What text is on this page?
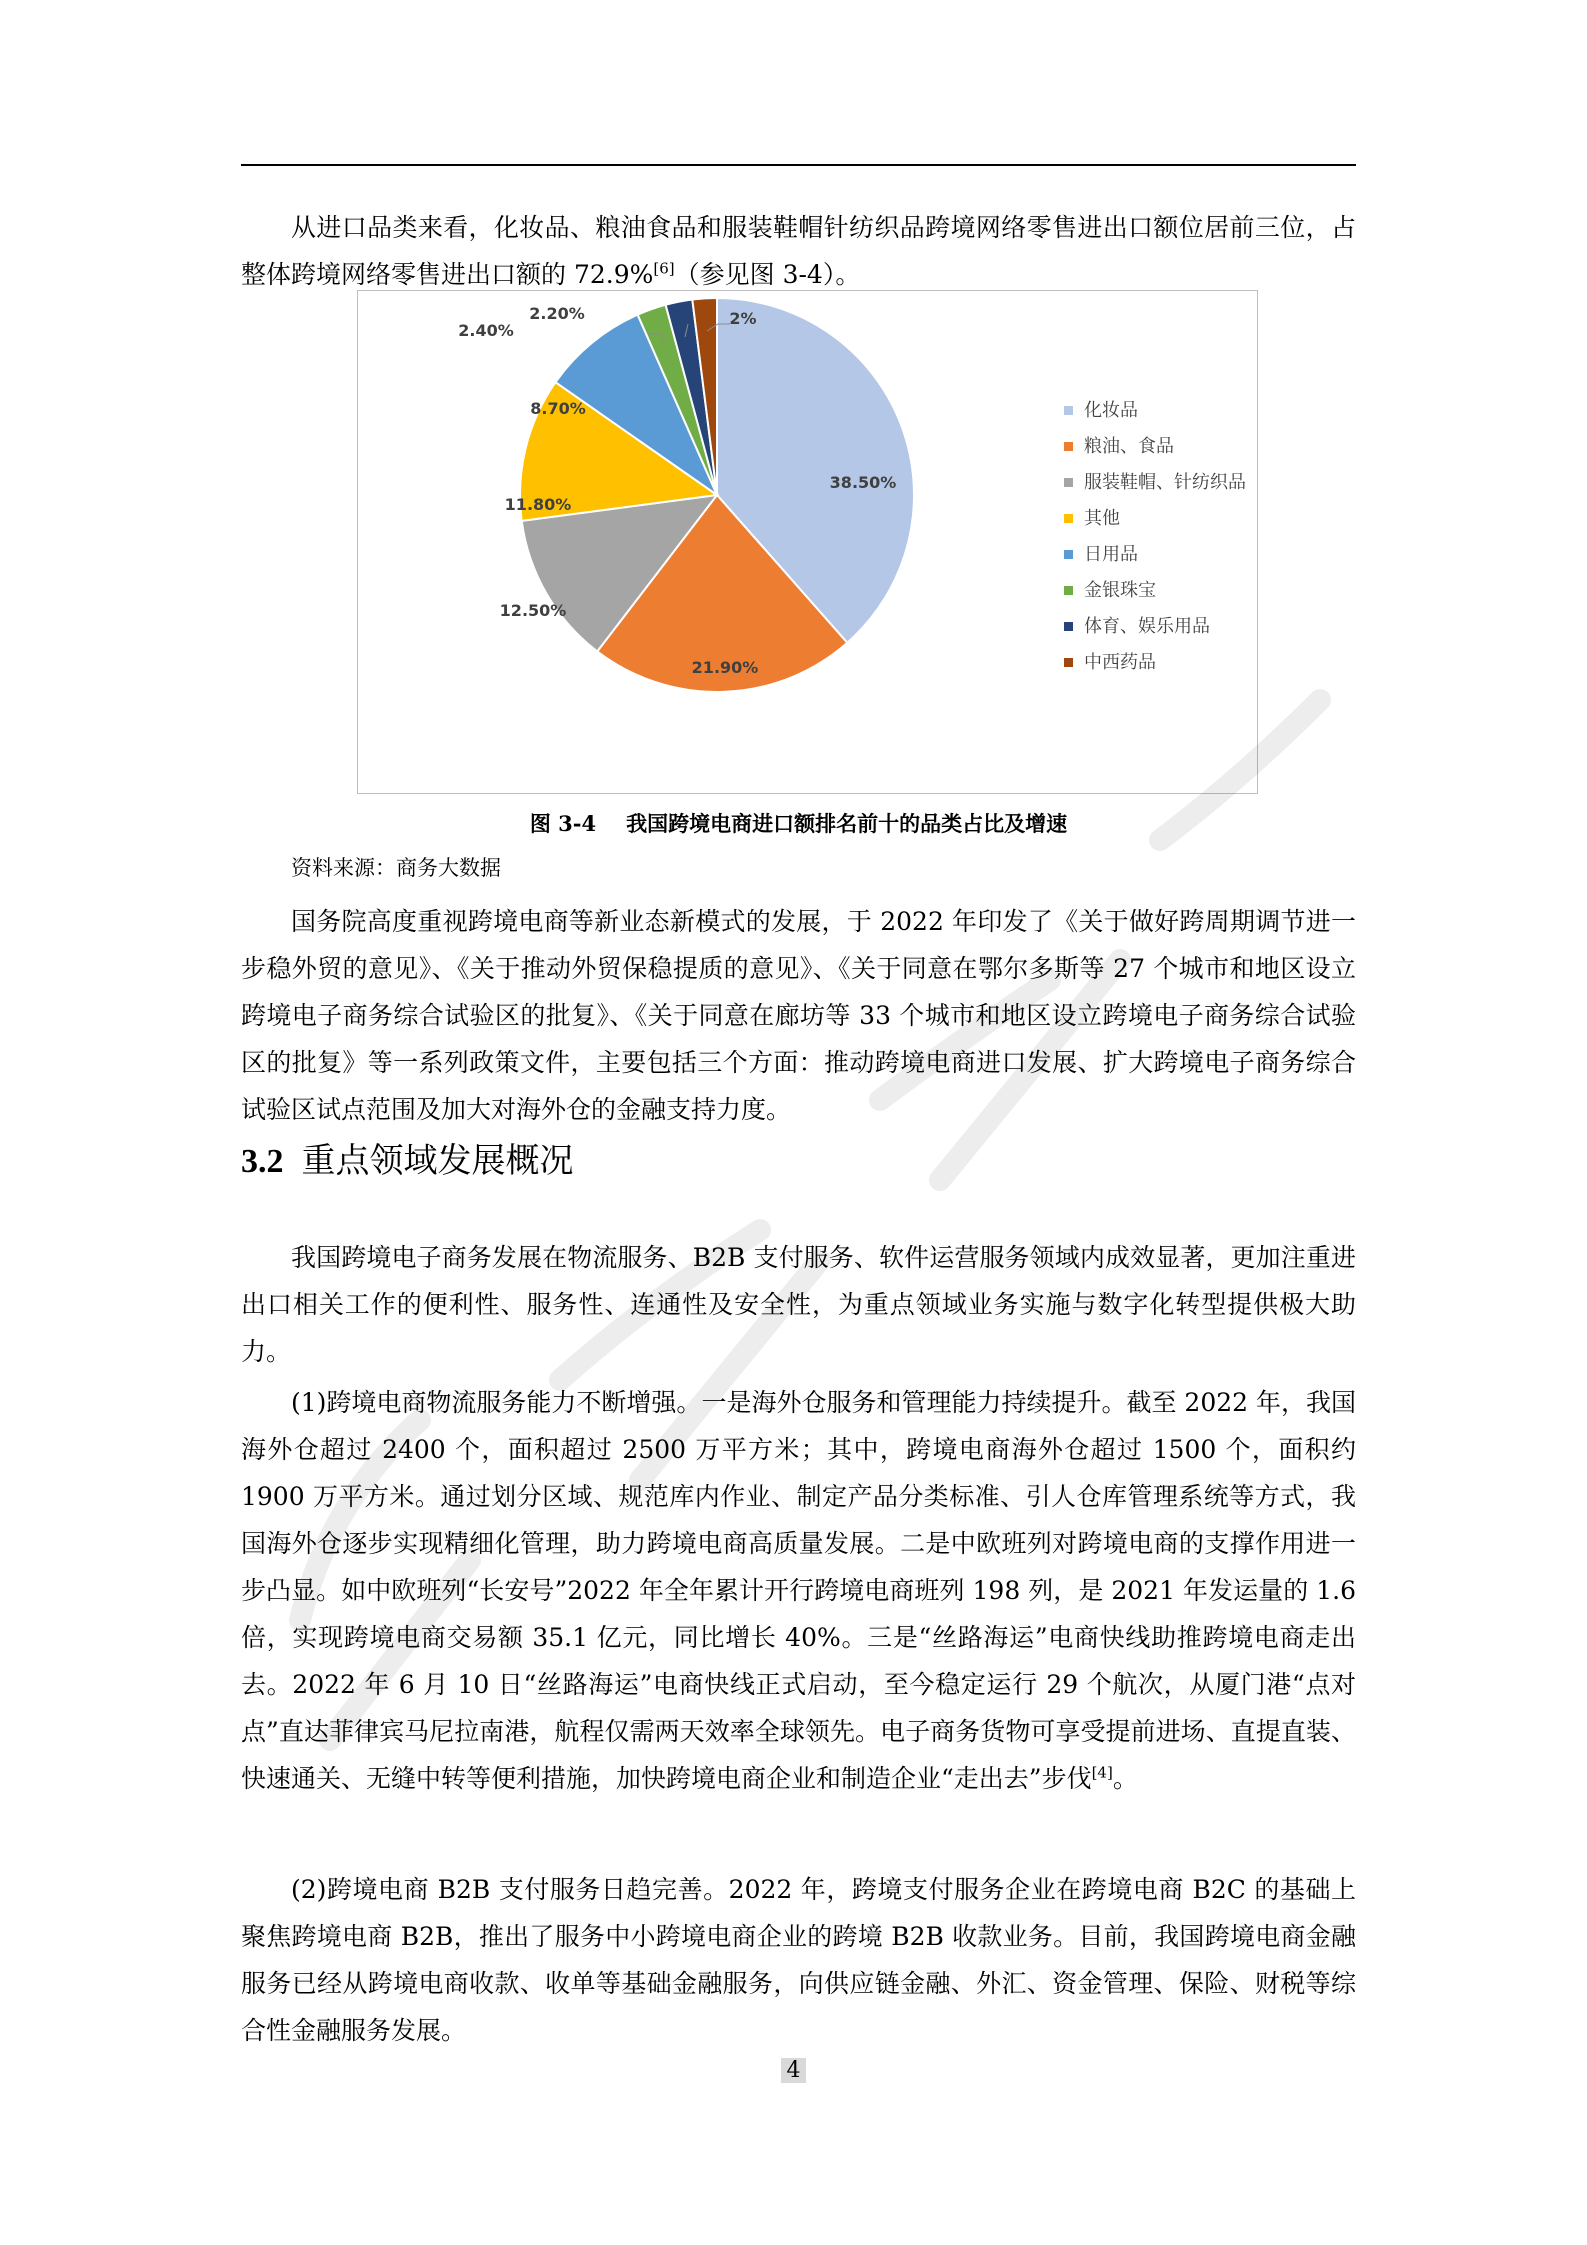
从进口品类来看，化妆品、粮油食品和服装鞋帽针纺织品跨境网络零售进出口额位居前三位，占整体跨境网络零售进出口额的 72.9%[6]（参见图 3-4）。

38.50%
21.90%
12.50%
11.80%
8.70%
2.40%
2.20%	2%
化妆品
粮油、食品
服装鞋帽、针纺织品
其他
日用品
金银珠宝
体育、娱乐用品
中西药品

图 3-4 我国跨境电商进口额排名前十的品类占比及增速

资料来源：商务大数据

国务院高度重视跨境电商等新业态新模式的发展，于 2022 年印发了《关于做好跨周期调节进一步稳外贸的意见》、《关于推动外贸保稳提质的意见》、《关于同意在鄂尔多斯等 27 个城市和地区设立跨境电子商务综合试验区的批复》、《关于同意在廊坊等 33 个城市和地区设立跨境电子商务综合试验区的批复》等一系列政策文件，主要包括三个方面：推动跨境电商进口发展、扩大跨境电子商务综合试验区试点范围及加大对海外仓的金融支持力度。

3.2 重点领域发展概况

我国跨境电子商务发展在物流服务、B2B 支付服务、软件运营服务领域内成效显著，更加注重进出口相关工作的便利性、服务性、连通性及安全性，为重点领域业务实施与数字化转型提供极大助力。

(1)跨境电商物流服务能力不断增强。一是海外仓服务和管理能力持续提升。截至 2022 年，我国海外仓超过 2400 个，面积超过 2500 万平方米；其中，跨境电商海外仓超过 1500 个，面积约 1900 万平方米。通过划分区域、规范库内作业、制定产品分类标准、引人仓库管理系统等方式，我国海外仓逐步实现精细化管理，助力跨境电商高质量发展。二是中欧班列对跨境电商的支撑作用进一步凸显。如中欧班列“长安号”2022 年全年累计开行跨境电商班列 198 列，是 2021 年发运量的 1.6 倍，实现跨境电商交易额 35.1 亿元，同比增长 40%。三是“丝路海运”电商快线助推跨境电商走出去。2022 年 6 月 10 日“丝路海运”电商快线正式启动，至今稳定运行 29 个航次，从厦门港“点对点”直达菲律宾马尼拉南港，航程仅需两天效率全球领先。电子商务货物可享受提前进场、直提直装、快速通关、无缝中转等便利措施，加快跨境电商企业和制造企业“走出去”步伐[4]。

(2)跨境电商 B2B 支付服务日趋完善。2022 年，跨境支付服务企业在跨境电商 B2C 的基础上聚焦跨境电商 B2B，推出了服务中小跨境电商企业的跨境 B2B 收款业务。目前，我国跨境电商金融服务已经从跨境电商收款、收单等基础金融服务，向供应链金融、外汇、资金管理、保险、财税等综合性金融服务发展。

4
